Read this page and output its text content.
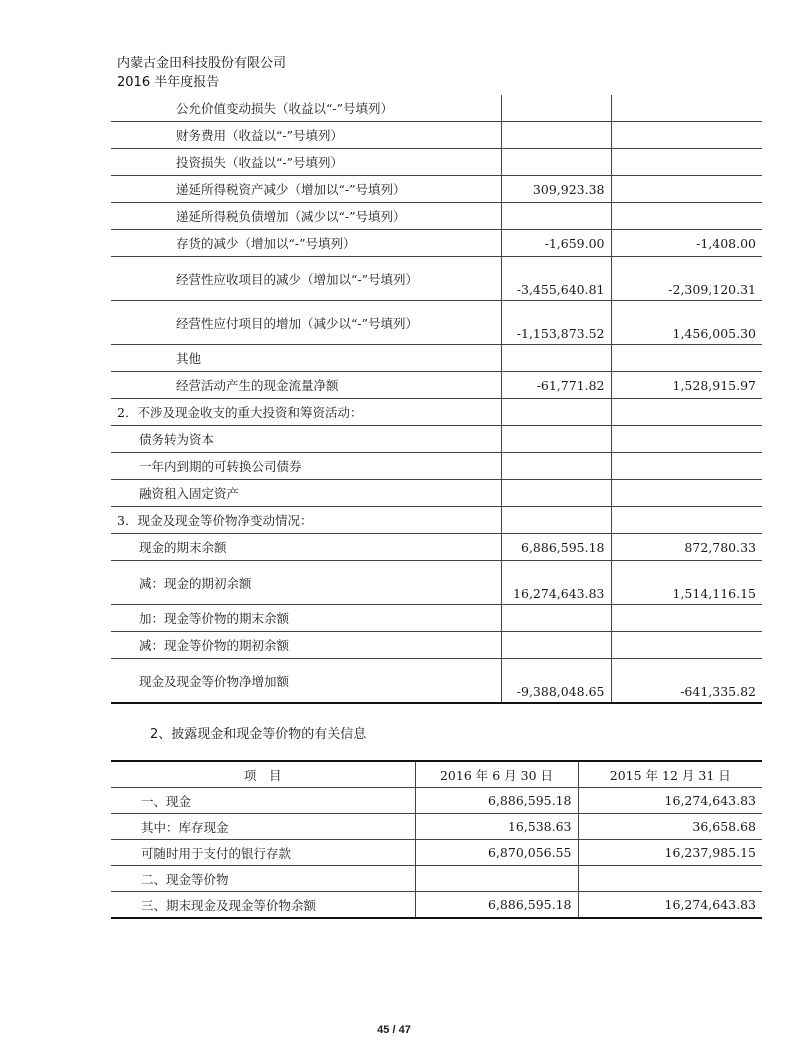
内蒙古金田科技股份有限公司
2016 半年度报告
公允价值变动损失（收益以“-”号填列）		
财务费用（收益以“-”号填列）		
投资损失（收益以“-”号填列）		
递延所得税资产减少（增加以“-”号填列）	309,923.38	
递延所得税负债增加（减少以“-”号填列）		
存货的减少（增加以“-”号填列）	-1,659.00	-1,408.00
经营性应收项目的减少（增加以“-”号填列）	-3,455,640.81	-2,309,120.31
经营性应付项目的增加（减少以“-”号填列）	-1,153,873.52	1,456,005.30
其他		
经营活动产生的现金流量净额	-61,771.82	1,528,915.97
2．不涉及现金收支的重大投资和筹资活动：		
债务转为资本		
一年内到期的可转换公司债券		
融资租入固定资产		
3．现金及现金等价物净变动情况：		
现金的期末余额	6,886,595.18	872,780.33
减：现金的期初余额	16,274,643.83	1,514,116.15
加：现金等价物的期末余额		
减：现金等价物的期初余额		
现金及现金等价物净增加额	-9,388,048.65	-641,335.82
2、披露现金和现金等价物的有关信息
项　目	2016 年 6 月 30 日	2015 年 12 月 31 日
一、现金	6,886,595.18	16,274,643.83
其中：库存现金	16,538.63	36,658.68
可随时用于支付的银行存款	6,870,056.55	16,237,985.15
二、现金等价物		
三、期末现金及现金等价物余额	6,886,595.18	16,274,643.83
45 / 47
